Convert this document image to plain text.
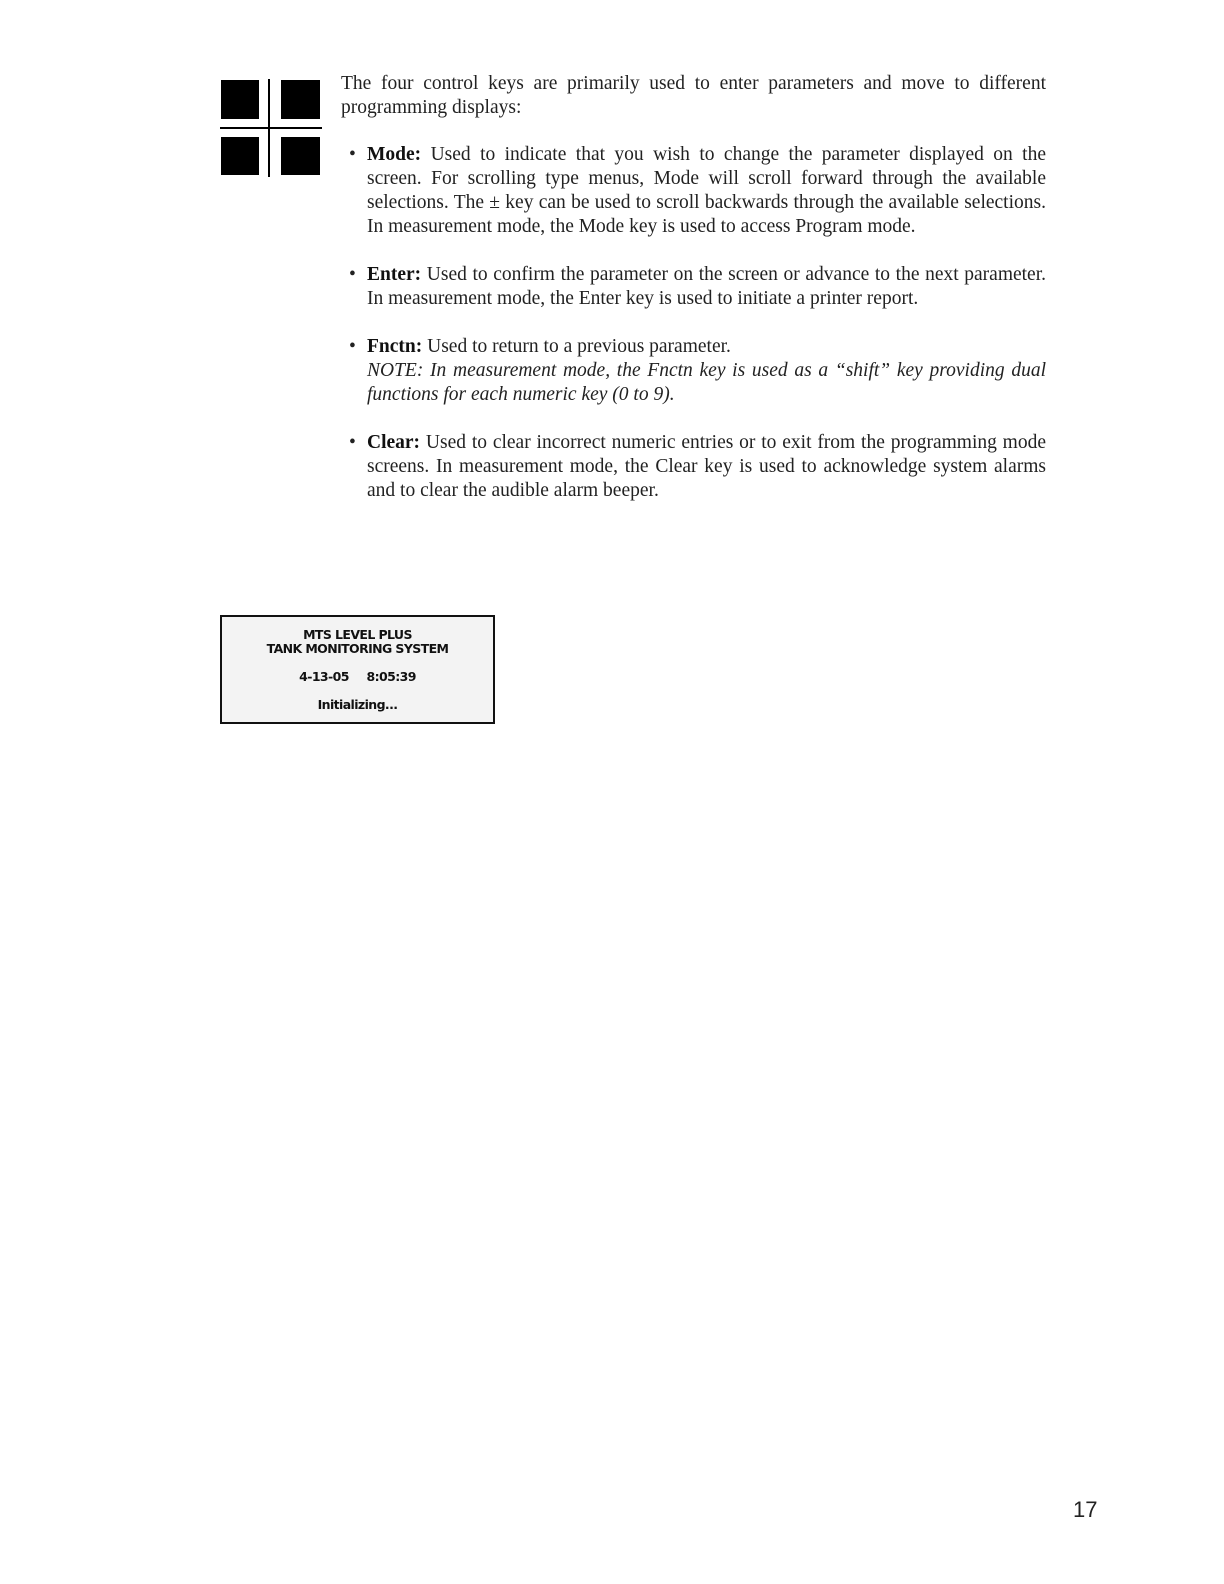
The four control keys are primarily used to enter parameters and move to different programming displays:

• Mode: Used to indicate that you wish to change the parameter displayed on the screen. For scrolling type menus, Mode will scroll forward through the available selections. The ± key can be used to scroll backwards through the available selections. In measurement mode, the Mode key is used to access Program mode.
• Enter: Used to confirm the parameter on the screen or advance to the next parameter. In measurement mode, the Enter key is used to initiate a printer report.
• Fnctn: Used to return to a previous parameter.
NOTE: In measurement mode, the Fnctn key is used as a “shift” key providing dual functions for each numeric key (0 to 9).
• Clear: Used to clear incorrect numeric entries or to exit from the programming mode screens. In measurement mode, the Clear key is used to acknowledge system alarms and to clear the audible alarm beeper.
MTS LEVEL PLUS
TANK MONITORING SYSTEM
4-13-05 8:05:39
Initializing...
17
